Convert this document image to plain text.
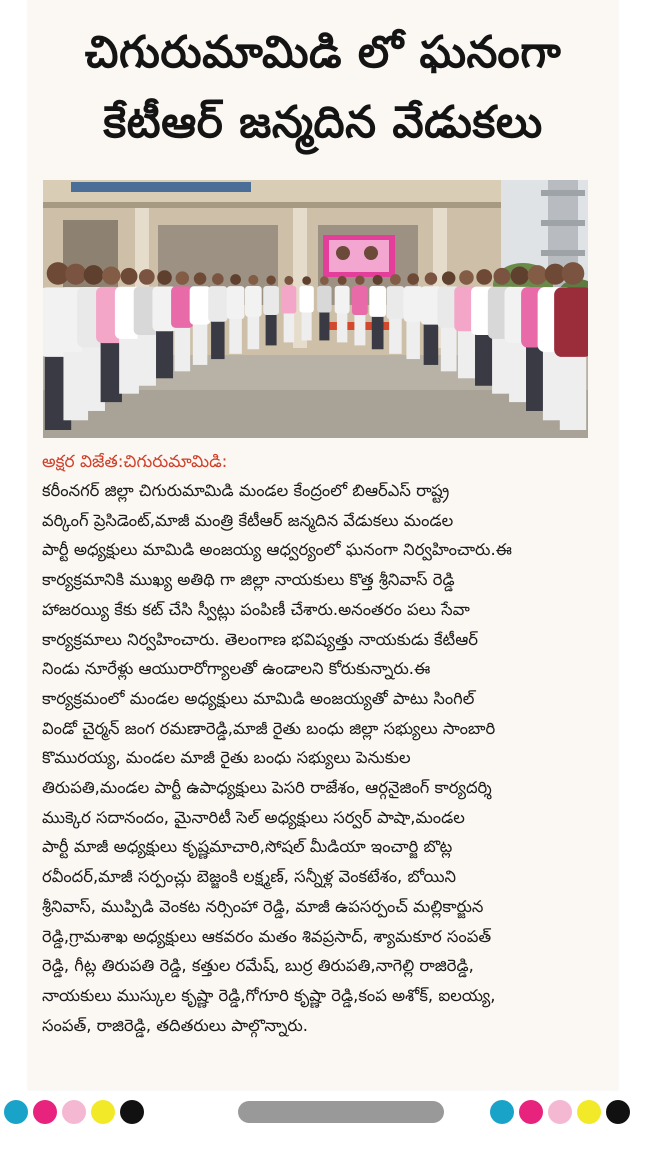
చిగురుమామిడి లో ఘనంగా
కేటీఆర్ జన్మదిన వేడుకలు
అక్షర విజేత:చిగురుమామిడి:
కరీంనగర్ జిల్లా చిగురుమామిడి మండల కేంద్రంలో బిఆర్ఎస్ రాష్ట్ర
వర్కింగ్ ప్రెసిడెంట్,మాజీ మంత్రి కేటీఆర్ జన్మదిన వేడుకలు మండల
పార్టీ అధ్యక్షులు మామిడి అంజయ్య ఆధ్వర్యంలో ఘనంగా నిర్వహించారు.ఈ
కార్యక్రమానికి ముఖ్య అతిథి గా జిల్లా నాయకులు కొత్త శ్రీనివాస్ రెడ్డి
హాజరయ్యి కేకు కట్ చేసి స్వీట్లు పంపిణీ చేశారు.అనంతరం పలు సేవా
కార్యక్రమాలు నిర్వహించారు. తెలంగాణ భవిష్యత్తు నాయకుడు కేటీఆర్
నిండు నూరేళ్లు ఆయురారోగ్యాలతో ఉండాలని కోరుకున్నారు.ఈ
కార్యక్రమంలో మండల అధ్యక్షులు మామిడి అంజయ్యతో పాటు సింగిల్
విండో చైర్మన్ జంగ రమణారెడ్డి,మాజీ రైతు బంధు జిల్లా సభ్యులు సాంబారి
కొమురయ్య, మండల మాజీ రైతు బంధు సభ్యులు పెనుకుల
తిరుపతి,మండల పార్టీ ఉపాధ్యక్షులు పెసరి రాజేశం, ఆర్గనైజింగ్ కార్యదర్శి
ముక్కెర సదానందం, మైనారిటీ సెల్ అధ్యక్షులు సర్వర్ పాషా,మండల
పార్టీ మాజీ అధ్యక్షులు కృష్ణమాచారి,సోషల్ మీడియా ఇంచార్జి బొట్ల
రవీందర్,మాజీ సర్పంచ్లు బెజ్జంకి లక్ష్మణ్, సన్నీళ్ల వెంకటేశం, బోయిని
శ్రీనివాస్, ముప్పిడి వెంకట నర్సింహా రెడ్డి, మాజీ ఉపసర్పంచ్ మల్లికార్జున
రెడ్డి,గ్రామశాఖ అధ్యక్షులు ఆకవరం మతం శివప్రసాద్, శ్యామకూర సంపత్
రెడ్డి, గీట్ల తిరుపతి రెడ్డి, కత్తుల రమేష్, బుర్ర తిరుపతి,నాగెల్లి రాజిరెడ్డి,
నాయకులు ముస్కుల కృష్ణా రెడ్డి,గోగూరి కృష్ణా రెడ్డి,కంప అశోక్, ఐలయ్య,
సంపత్, రాజిరెడ్డి, తదితరులు పాల్గొన్నారు.
